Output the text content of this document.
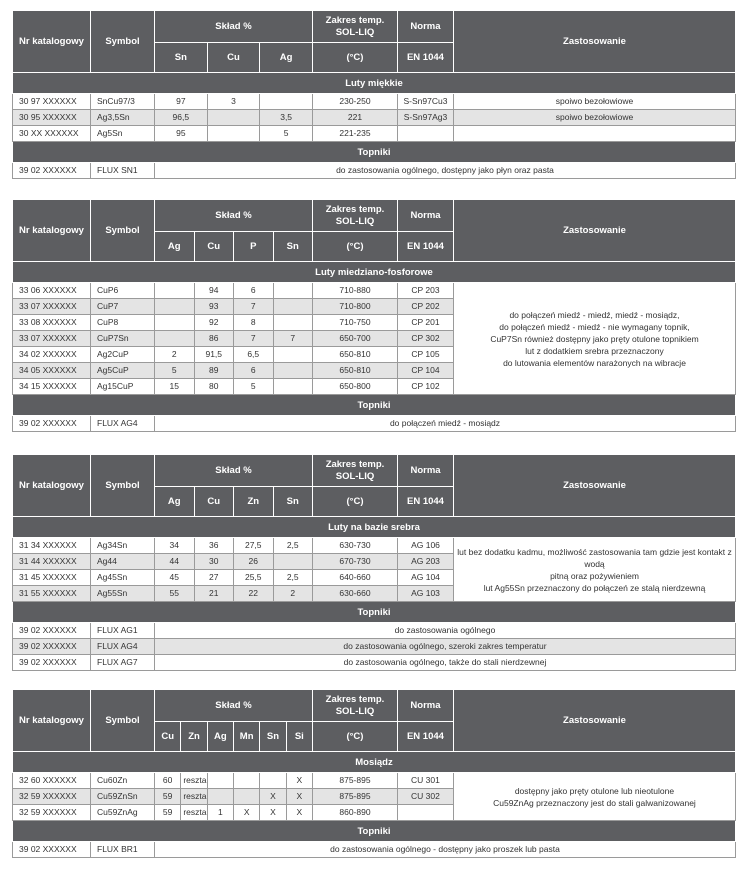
Nr katalogowy	Symbol	Skład %			Zakres temp. SOL-LIQ	Norma	Zastosowanie
		Sn	Cu	Ag	(°C)	EN 1044	
Luty miękkie							
30 97 XXXXXX	SnCu97/3	97	3		230-250	S-Sn97Cu3	spoiwo bezołowiowe
30 95 XXXXXX	Ag3,5Sn	96,5		3,5	221	S-Sn97Ag3	spoiwo bezołowiowe
30 XX XXXXXX	Ag5Sn	95		5	221-235		
Topniki							
39 02 XXXXXX	FLUX SN1	do zastosowania ogólnego, dostępny jako płyn oraz pasta					
Nr katalogowy	Symbol	Skład %				Zakres temp. SOL-LIQ	Norma	Zastosowanie
		Ag	Cu	P	Sn	(°C)	EN 1044	
Luty miedziano-fosforowe								
33 06 XXXXXX	CuP6		94	6		710-880	CP 203	do połączeń miedź - miedź, miedź - mosiądz,
do połączeń miedź - miedź - nie wymagany topnik,
CuP7Sn również dostępny jako pręty otulone topnikiem
lut z dodatkiem srebra przeznaczony
do lutowania elementów narażonych na wibracje

33 07 XXXXXX	CuP7		93	7		710-800	CP 202	
33 08 XXXXXX	CuP8		92	8		710-750	CP 201	
33 07 XXXXXX	CuP7Sn		86	7	7	650-700	CP 302	
34 02 XXXXXX	Ag2CuP	2	91,5	6,5		650-810	CP 105	
34 05 XXXXXX	Ag5CuP	5	89	6		650-810	CP 104	
34 15 XXXXXX	Ag15CuP	15	80	5		650-800	CP 102	
Topniki								
39 02 XXXXXX	FLUX AG4	do połączeń miedź - mosiądz						
Nr katalogowy	Symbol	Skład %				Zakres temp. SOL-LIQ	Norma	Zastosowanie
		Ag	Cu	Zn	Sn	(°C)	EN 1044	
Luty na bazie srebra								
31 34 XXXXXX	Ag34Sn	34	36	27,5	2,5	630-730	AG 106	lut bez dodatku kadmu, możliwość zastosowania tam gdzie jest kontakt z wodą
pitną oraz pożywieniem
lut Ag55Sn przeznaczony do połączeń ze stalą nierdzewną

31 44 XXXXXX	Ag44	44	30	26		670-730	AG 203	
31 45 XXXXXX	Ag45Sn	45	27	25,5	2,5	640-660	AG 104	
31 55 XXXXXX	Ag55Sn	55	21	22	2	630-660	AG 103	
Topniki								
39 02 XXXXXX	FLUX AG1	do zastosowania ogólnego						
39 02 XXXXXX	FLUX AG4	do zastosowania ogólnego, szeroki zakres temperatur						
39 02 XXXXXX	FLUX AG7	do zastosowania ogólnego, także do stali nierdzewnej						
Nr katalogowy	Symbol	Skład %						Zakres temp. SOL-LIQ	Norma	Zastosowanie
		Cu	Zn	Ag	Mn	Sn	Si	(°C)	EN 1044	
Mosiądz										
32 60 XXXXXX	Cu60Zn	60	reszta				X	875-895	CU 301	dostępny jako pręty otulone lub nieotulone
Cu59ZnAg przeznaczony jest do stali galwanizowanej

32 59 XXXXXX	Cu59ZnSn	59	reszta			X	X	875-895	CU 302	
32 59 XXXXXX	Cu59ZnAg	59	reszta	1	X	X	X	860-890		
Topniki										
39 02 XXXXXX	FLUX BR1	do zastosowania ogólnego - dostępny jako proszek lub pasta								
